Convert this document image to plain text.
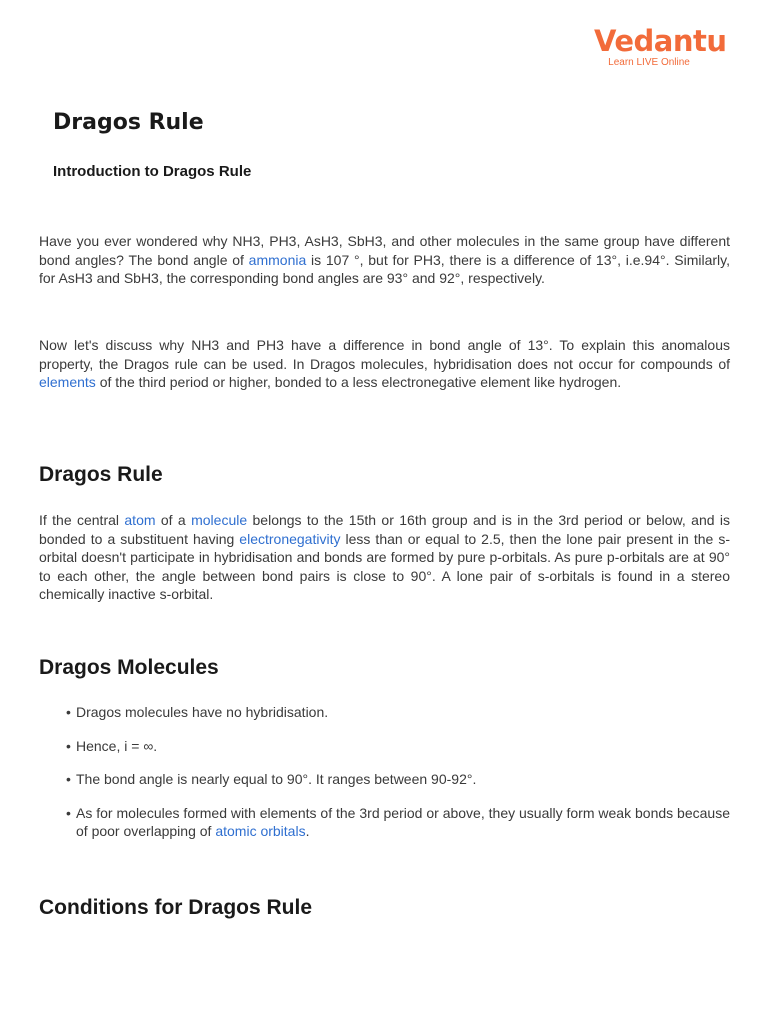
Vedantu
Learn LIVE Online
Dragos Rule
Introduction to Dragos Rule

Have you ever wondered why NH3, PH3, AsH3, SbH3, and other molecules in the same group have different bond angles? The bond angle of ammonia is 107 °, but for PH3, there is a difference of 13°, i.e.94°. Similarly, for AsH3 and SbH3, the corresponding bond angles are 93° and 92°, respectively.

Now let's discuss why NH3 and PH3 have a difference in bond angle of 13°. To explain this anomalous property, the Dragos rule can be used. In Dragos molecules, hybridisation does not occur for compounds of elements of the third period or higher, bonded to a less electronegative element like hydrogen.

Dragos Rule

If the central atom of a molecule belongs to the 15th or 16th group and is in the 3rd period or below, and is bonded to a substituent having electronegativity less than or equal to 2.5, then the lone pair present in the s-orbital doesn't participate in hybridisation and bonds are formed by pure p-orbitals. As pure p-orbitals are at 90° to each other, the angle between bond pairs is close to 90°. A lone pair of s-orbitals is found in a stereo chemically inactive s-orbital.

Dragos Molecules
• Dragos molecules have no hybridisation.
• Hence, i = ∞.
• The bond angle is nearly equal to 90°. It ranges between 90-92°.
• As for molecules formed with elements of the 3rd period or above, they usually form weak bonds because of poor overlapping of atomic orbitals.
Conditions for Dragos Rule
